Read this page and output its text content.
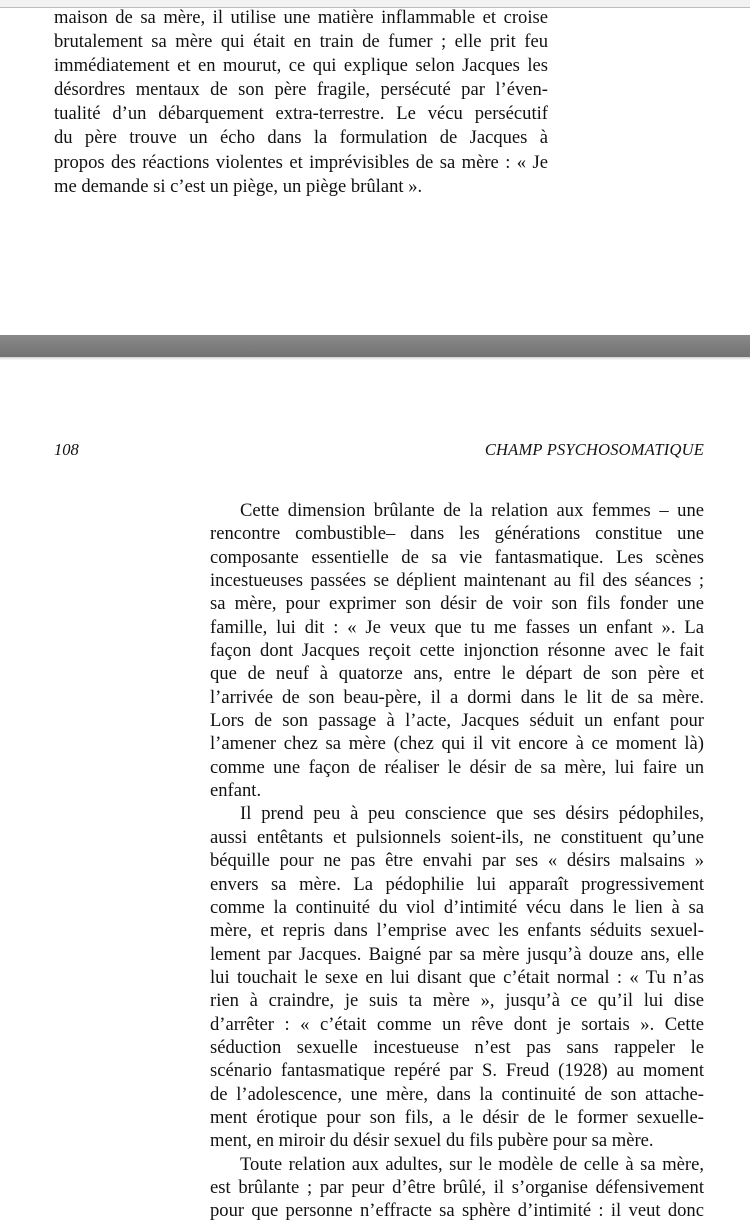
maison de sa mère, il utilise une matière inflammable et croise
brutalement sa mère qui était en train de fumer ; elle prit feu
immédiatement et en mourut, ce qui explique selon Jacques les
désordres mentaux de son père fragile, persécuté par l’éven-
tualité d’un débarquement extra-terrestre. Le vécu persécutif
du père trouve un écho dans la formulation de Jacques à
propos des réactions violentes et imprévisibles de sa mère : « Je
me demande si c’est un piège, un piège brûlant ».
108	CHAMP PSYCHOSOMATIQUE
Cette dimension brûlante de la relation aux femmes – une
rencontre combustible– dans les générations constitue une
composante essentielle de sa vie fantasmatique. Les scènes
incestueuses passées se déplient maintenant au fil des séances ;
sa mère, pour exprimer son désir de voir son fils fonder une
famille, lui dit : « Je veux que tu me fasses un enfant ». La
façon dont Jacques reçoit cette injonction résonne avec le fait
que de neuf à quatorze ans, entre le départ de son père et
l’arrivée de son beau-père, il a dormi dans le lit de sa mère.
Lors de son passage à l’acte, Jacques séduit un enfant pour
l’amener chez sa mère (chez qui il vit encore à ce moment là)
comme une façon de réaliser le désir de sa mère, lui faire un
enfant.
Il prend peu à peu conscience que ses désirs pédophiles,
aussi entêtants et pulsionnels soient-ils, ne constituent qu’une
béquille pour ne pas être envahi par ses « désirs malsains »
envers sa mère. La pédophilie lui apparaît progressivement
comme la continuité du viol d’intimité vécu dans le lien à sa
mère, et repris dans l’emprise avec les enfants séduits sexuel-
lement par Jacques. Baigné par sa mère jusqu’à douze ans, elle
lui touchait le sexe en lui disant que c’était normal : « Tu n’as
rien à craindre, je suis ta mère », jusqu’à ce qu’il lui dise
d’arrêter : « c’était comme un rêve dont je sortais ». Cette
séduction sexuelle incestueuse n’est pas sans rappeler le
scénario fantasmatique repéré par S. Freud (1928) au moment
de l’adolescence, une mère, dans la continuité de son attache-
ment érotique pour son fils, a le désir de le former sexuelle-
ment, en miroir du désir sexuel du fils pubère pour sa mère.
Toute relation aux adultes, sur le modèle de celle à sa mère,
est brûlante ; par peur d’être brûlé, il s’organise défensivement
pour que personne n’effracte sa sphère d’intimité : il veut donc
